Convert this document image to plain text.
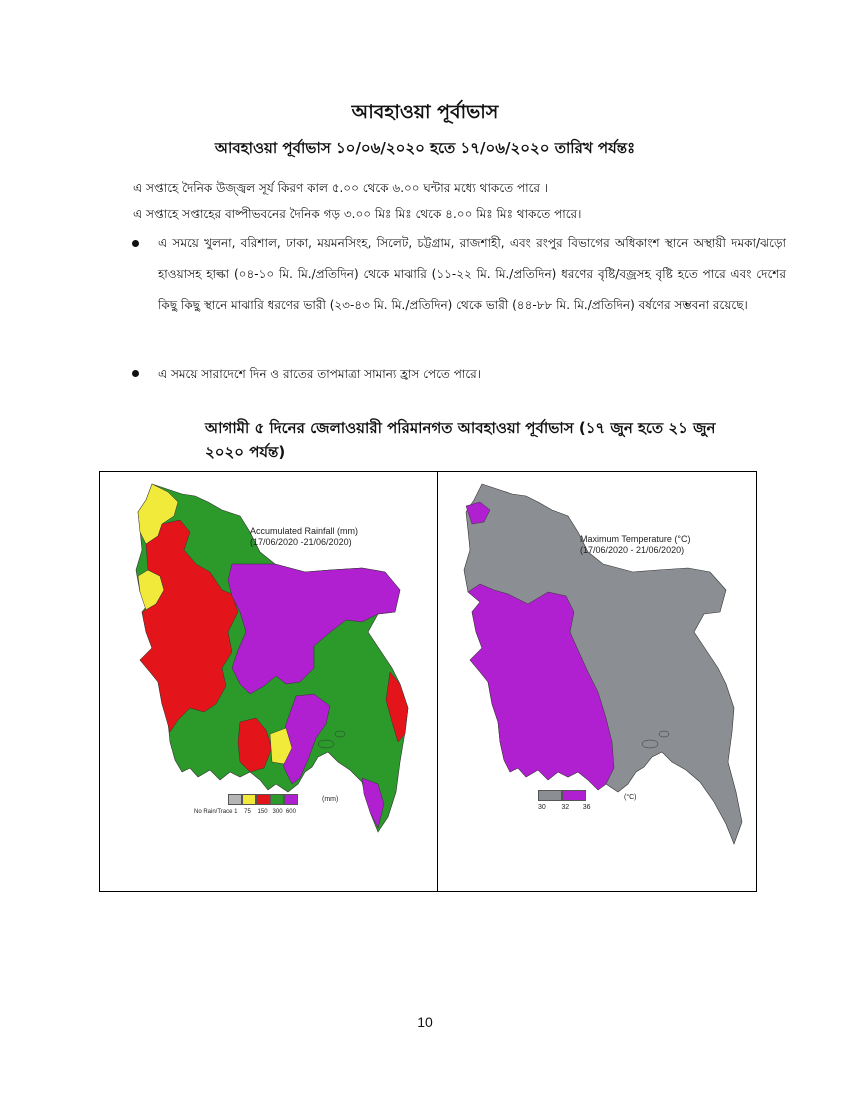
আবহাওয়া পূর্বাভাস
আবহাওয়া পূর্বাভাস ১০/০৬/২০২০ হতে ১৭/০৬/২০২০ তারিখ পর্যন্তঃ
এ সপ্তাহে দৈনিক উজ্জ্বল সূর্য কিরণ কাল ৫.০০ থেকে ৬.০০ ঘন্টার মধ্যে থাকতে পারে ।
এ সপ্তাহে সপ্তাহের বাষ্পীভবনের দৈনিক গড় ৩.০০ মিঃ মিঃ থেকে ৪.০০ মিঃ মিঃ থাকতে পারে।
এ সময়ে খুলনা, বরিশাল, ঢাকা, ময়মনসিংহ, সিলেট, চট্টগ্রাম, রাজশাহী, এবং রংপুর বিভাগের অধিকাংশ স্থানে অস্থায়ী দমকা/ঝড়ো হাওয়াসহ হাল্কা (০৪-১০ মি. মি./প্রতিদিন) থেকে মাঝারি (১১-২২ মি. মি./প্রতিদিন) ধরণের বৃষ্টি/বজ্রসহ বৃষ্টি হতে পারে এবং দেশের কিছু কিছু স্থানে মাঝারি ধরণের ভারী (২৩-৪৩ মি. মি./প্রতিদিন) থেকে ভারী (৪৪-৮৮ মি. মি./প্রতিদিন) বর্ষণের সম্ভবনা রয়েছে।
এ সময়ে সারাদেশে দিন ও রাতের তাপমাত্রা সামান্য হ্রাস পেতে পারে।
আগামী ৫ দিনের জেলাওয়ারী পরিমানগত আবহাওয়া পূর্বাভাস (১৭ জুন হতে ২১ জুন ২০২০ পর্যন্ত)
Accumulated Rainfall (mm)
(17/06/2020 -21/06/2020)
(mm)
No Rain/Trace 1 75 150 300 600
Maximum Temperature (°C)
(17/06/2020 - 21/06/2020)
(°C)
30 32 36
10
